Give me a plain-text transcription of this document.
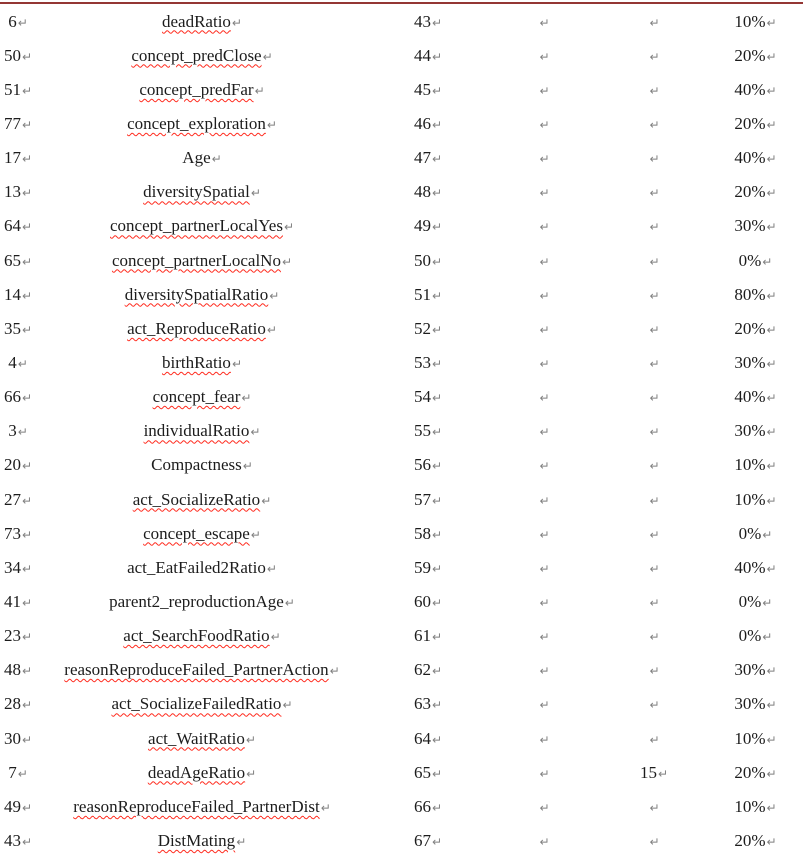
6↵	deadRatio↵	43↵	↵	↵	10%↵
50↵	concept_predClose↵	44↵	↵	↵	20%↵
51↵	concept_predFar↵	45↵	↵	↵	40%↵
77↵	concept_exploration↵	46↵	↵	↵	20%↵
17↵	Age↵	47↵	↵	↵	40%↵
13↵	diversitySpatial↵	48↵	↵	↵	20%↵
64↵	concept_partnerLocalYes↵	49↵	↵	↵	30%↵
65↵	concept_partnerLocalNo↵	50↵	↵	↵	0%↵
14↵	diversitySpatialRatio↵	51↵	↵	↵	80%↵
35↵	act_ReproduceRatio↵	52↵	↵	↵	20%↵
4↵	birthRatio↵	53↵	↵	↵	30%↵
66↵	concept_fear↵	54↵	↵	↵	40%↵
3↵	individualRatio↵	55↵	↵	↵	30%↵
20↵	Compactness↵	56↵	↵	↵	10%↵
27↵	act_SocializeRatio↵	57↵	↵	↵	10%↵
73↵	concept_escape↵	58↵	↵	↵	0%↵
34↵	act_EatFailed2Ratio↵	59↵	↵	↵	40%↵
41↵	parent2_reproductionAge↵	60↵	↵	↵	0%↵
23↵	act_SearchFoodRatio↵	61↵	↵	↵	0%↵
48↵	reasonReproduceFailed_PartnerAction↵	62↵	↵	↵	30%↵
28↵	act_SocializeFailedRatio↵	63↵	↵	↵	30%↵
30↵	act_WaitRatio↵	64↵	↵	↵	10%↵
7↵	deadAgeRatio↵	65↵	↵	15↵	20%↵
49↵	reasonReproduceFailed_PartnerDist↵	66↵	↵	↵	10%↵
43↵	DistMating↵	67↵	↵	↵	20%↵
